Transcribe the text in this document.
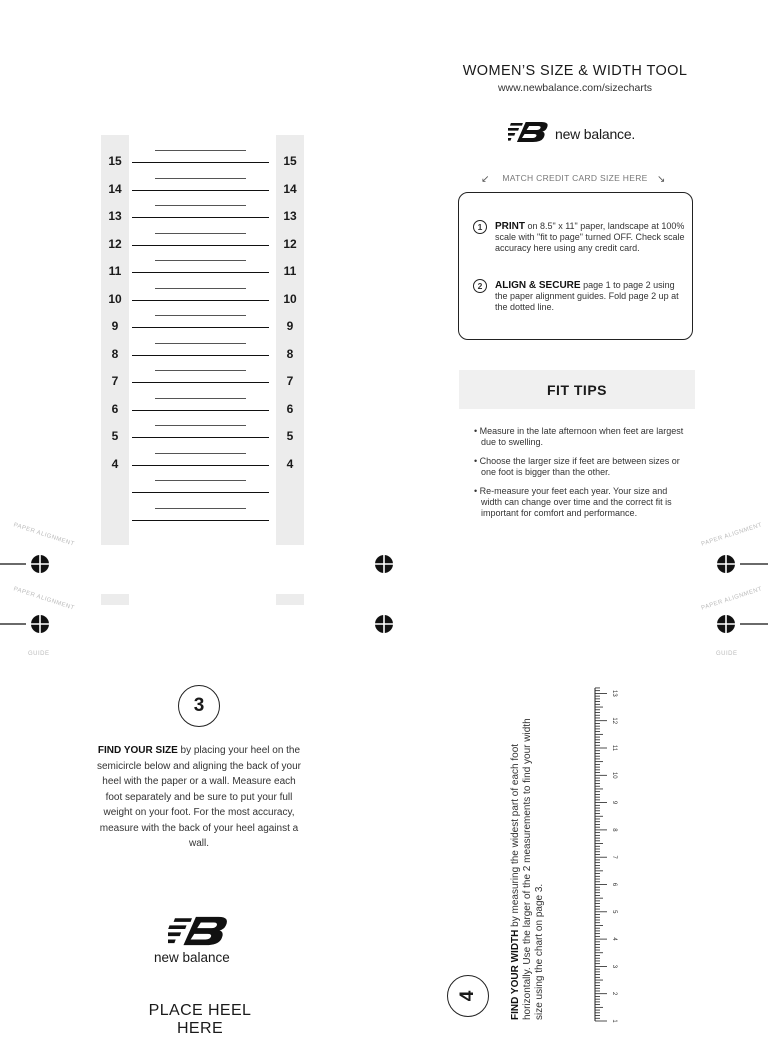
WOMEN’S SIZE & WIDTH TOOL
www.newbalance.com/sizecharts
new balance.
↙	MATCH CREDIT CARD SIZE HERE ↘
1	PRINT on 8.5" x 11" paper, landscape at 100% scale with "fit to page" turned OFF. Check scale accuracy here using any credit card.
2	ALIGN & SECURE page 1 to page 2 using the paper alignment guides. Fold page 2 up at the dotted line.
FIT TIPS
• Measure in the late afternoon when feet are largest due to swelling.
• Choose the larger size if feet are between sizes or one foot is bigger than the other.
• Re-measure your feet each year. Your size and width can change over time and the correct fit is important for comfort and performance.
15	15
14	14
13	13
12	12
11	11
10	10
9	9
8	8
7	7
6	6
5	5
4	4
PAPER ALIGNMENT
PAPER ALIGNMENT
GUIDE
PAPER ALIGNMENT
PAPER ALIGNMENT
GUIDE
3
FIND YOUR SIZE by placing your heel on the semicircle below and aligning the back of your heel with the paper or a wall. Measure each foot separately and be sure to put your full weight on your foot. For the most accuracy, measure with the back of your heel against a wall.
new balance
PLACE HEEL HERE
4	FIND YOUR WIDTH by measuring the widest part of each foot horizontally. Use the larger of the 2 measurements to find your width size using the chart on page 3.
1
2
3
4
5
6
7
8
9
10
11
12
13
